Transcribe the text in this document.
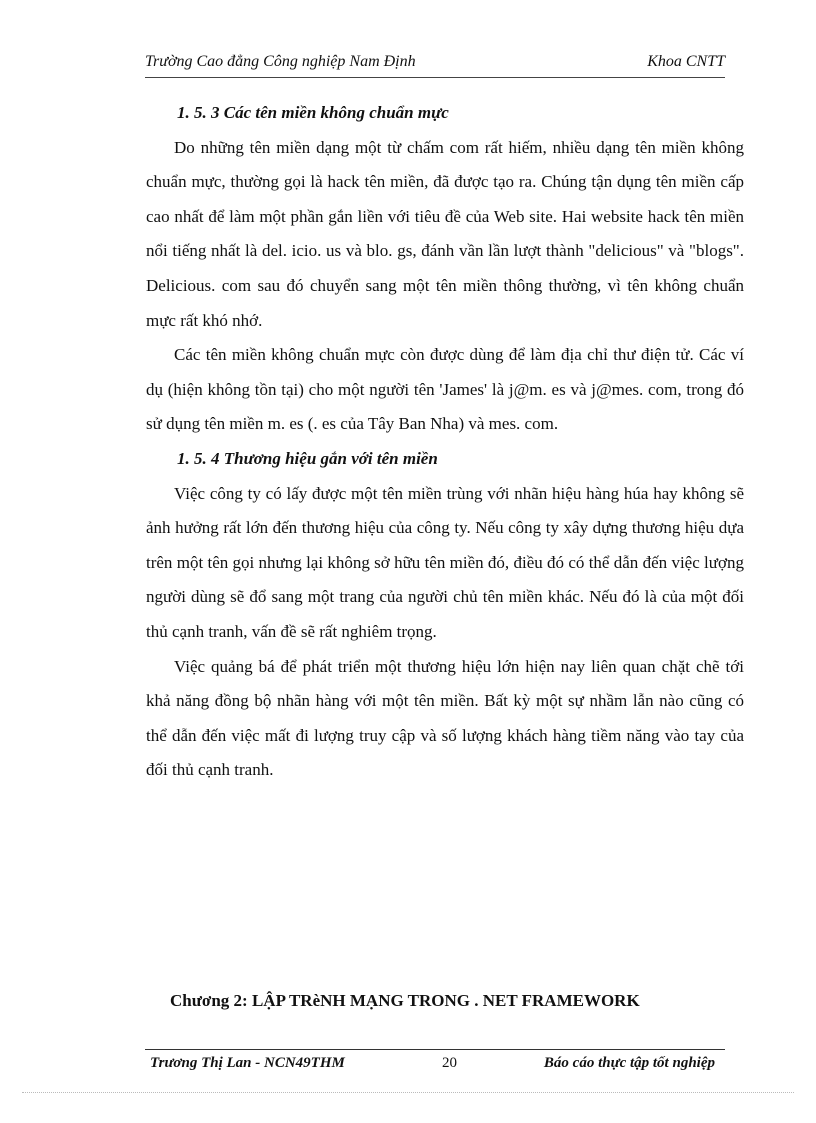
Trường Cao đẳng Công nghiệp Nam Định	Khoa CNTT
1. 5. 3 Các tên miền không chuẩn mực

Do những tên miền dạng một từ chấm com rất hiếm, nhiều dạng tên miền không chuẩn mực, thường gọi là hack tên miền, đã được tạo ra. Chúng tận dụng tên miền cấp cao nhất để làm một phần gắn liền với tiêu đề của Web site. Hai website hack tên miền nổi tiếng nhất là del. icio. us và blo. gs, đánh vần lần lượt thành "delicious" và "blogs". Delicious. com sau đó chuyển sang một tên miền thông thường, vì tên không chuẩn mực rất khó nhớ.

Các tên miền không chuẩn mực còn được dùng để làm địa chỉ thư điện tử. Các ví dụ (hiện không tồn tại) cho một người tên 'James' là j@m. es và j@mes. com, trong đó sử dụng tên miền m. es (. es của Tây Ban Nha) và mes. com.

1. 5. 4 Thương hiệu gắn với tên miền

Việc công ty có lấy được một tên miền trùng với nhãn hiệu hàng húa hay không sẽ ảnh hưởng rất lớn đến thương hiệu của công ty. Nếu công ty xây dựng thương hiệu dựa trên một tên gọi nhưng lại không sở hữu tên miền đó, điều đó có thể dẫn đến việc lượng người dùng sẽ đổ sang một trang của người chủ tên miền khác. Nếu đó là của một đối thủ cạnh tranh, vấn đề sẽ rất nghiêm trọng.

Việc quảng bá để phát triển một thương hiệu lớn hiện nay liên quan chặt chẽ tới khả năng đồng bộ nhãn hàng với một tên miền. Bất kỳ một sự nhầm lẫn nào cũng có thể dẫn đến việc mất đi lượng truy cập và số lượng khách hàng tiềm năng vào tay của đối thủ cạnh tranh.

Chương 2: LẬP TRèNH MẠNG TRONG . NET FRAMEWORK
Trương Thị Lan - NCN49THM	20	Báo cáo thực tập tốt nghiệp
